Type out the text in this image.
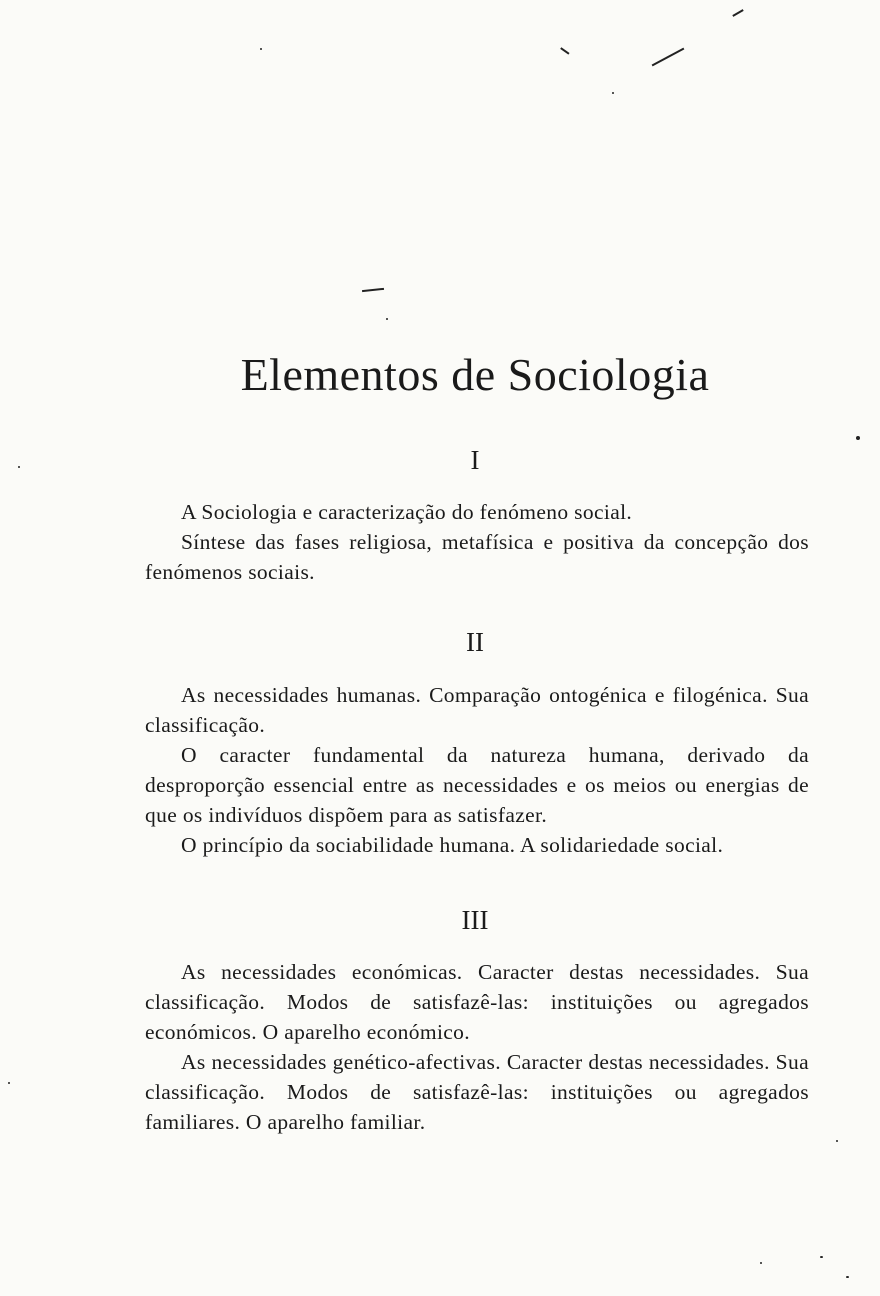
Elementos de Sociologia
I

A Sociologia e caracterização do fenómeno social.

Síntese das fases religiosa, metafísica e positiva da concepção dos fenómenos sociais.

II

As necessidades humanas. Comparação ontogénica e filogénica. Sua classificação.

O caracter fundamental da natureza humana, derivado da desproporção essencial entre as necessidades e os meios ou energias de que os indivíduos dispõem para as satisfazer.

O princípio da sociabilidade humana. A solidariedade social.

III

As necessidades económicas. Caracter destas necessidades. Sua classificação. Modos de satisfazê-las: instituições ou agregados económicos. O aparelho económico.

As necessidades genético-afectivas. Caracter destas necessidades. Sua classificação. Modos de satisfazê-las: instituições ou agregados familiares. O aparelho familiar.
